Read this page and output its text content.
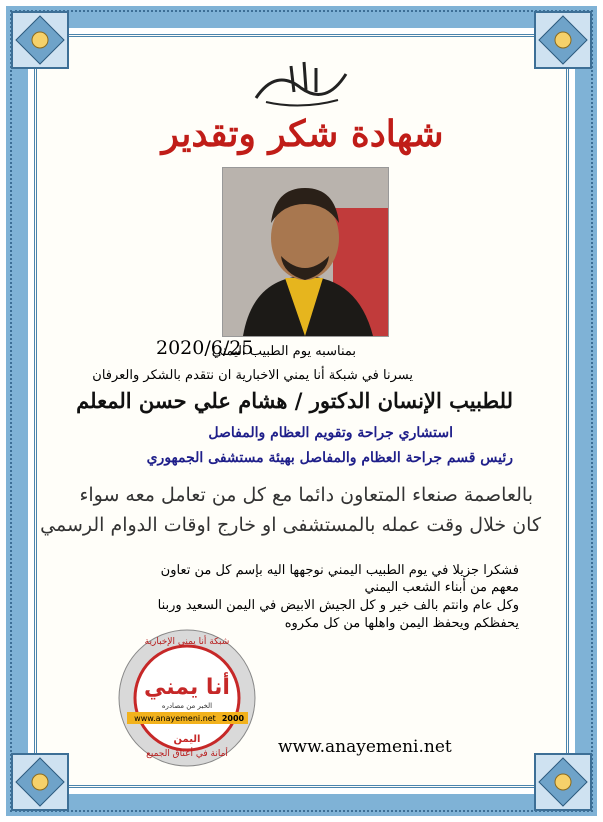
شهادة شكر وتقدير
بمناسبه يوم الطبيب اليمني
2020/6/25
يسرنا في شبكة أنا يمني الاخبارية ان نتقدم بالشكر والعرفان
للطبيب الإنسان الدكتور / هشام علي حسن المعلم
استشاري جراحة وتقويم العظام والمفاصل
رئيس قسم جراحة العظام والمفاصل بهيئة مستشفى الجمهوري
بالعاصمة صنعاء المتعاون دائما مع كل من تعامل معه سواء
كان خلال وقت عمله بالمستشفى او خارج اوقات الدوام الرسمي
فشكرا جزيلا في يوم الطبيب اليمني نوجهها اليه بإسم كل من تعاون
معهم من أبناء الشعب اليمني
وكل عام وانتم بالف خير و كل الجيش الابيض في اليمن السعيد وربنا
يحفظكم ويحفظ اليمن واهلها من كل مكروه
شبكة أنا يمني الإخبارية
أنا يمني
الخبر من مصادره
www.anayemeni.net 2000
اليمن
أمانة في أعناق الجميع	www.anayemeni.net
